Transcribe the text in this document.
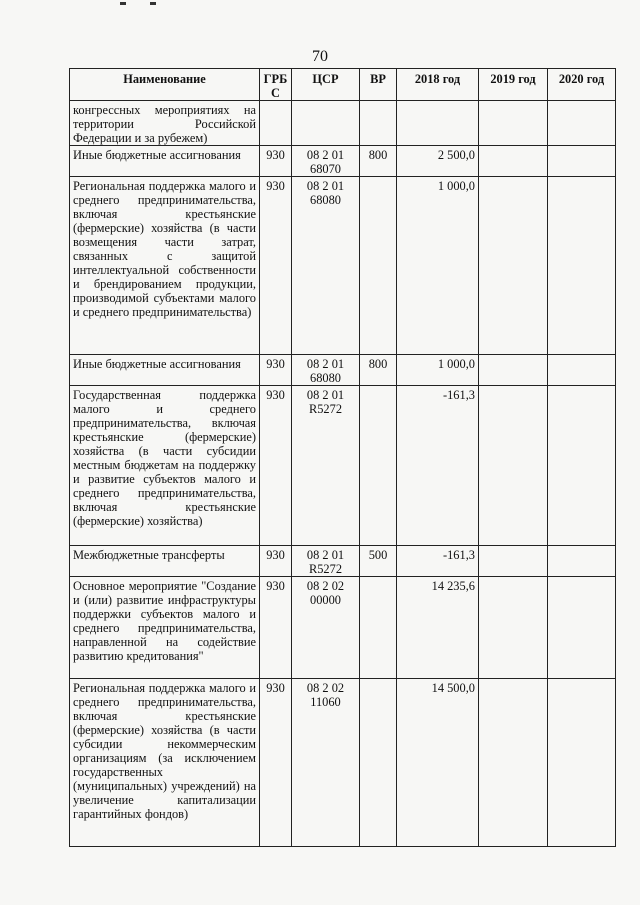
70
Наименование	ГРБС	ЦСР	ВР	2018 год	2019 год	2020 год
конгрессных мероприятиях на территории Российской Федерации и за рубежем)						
Иные бюджетные ассигнования	930	08 2 01 68070	800	2 500,0		
Региональная поддержка малого и среднего предпринимательства, включая крестьянские (фермерские) хозяйства (в части возмещения части затрат, связанных с защитой интеллектуальной собственности и брендированием продукции, производимой субъектами малого и среднего предпринимательства)	930	08 2 01 68080		1 000,0		
Иные бюджетные ассигнования	930	08 2 01 68080	800	1 000,0		
Государственная поддержка малого и среднего предпринимательства, включая крестьянские (фермерские) хозяйства (в части субсидии местным бюджетам на поддержку и развитие субъектов малого и среднего предпринимательства, включая крестьянские (фермерские) хозяйства)	930	08 2 01 R5272		-161,3		
Межбюджетные трансферты	930	08 2 01 R5272	500	-161,3		
Основное мероприятие "Создание и (или) развитие инфраструктуры поддержки субъектов малого и среднего предпринимательства, направленной на содействие развитию кредитования"	930	08 2 02 00000		14 235,6		
Региональная поддержка малого и среднего предпринимательства, включая крестьянские (фермерские) хозяйства (в части субсидии некоммерческим организациям (за исключением государственных (муниципальных) учреждений) на увеличение капитализации гарантийных фондов)	930	08 2 02 11060		14 500,0		
